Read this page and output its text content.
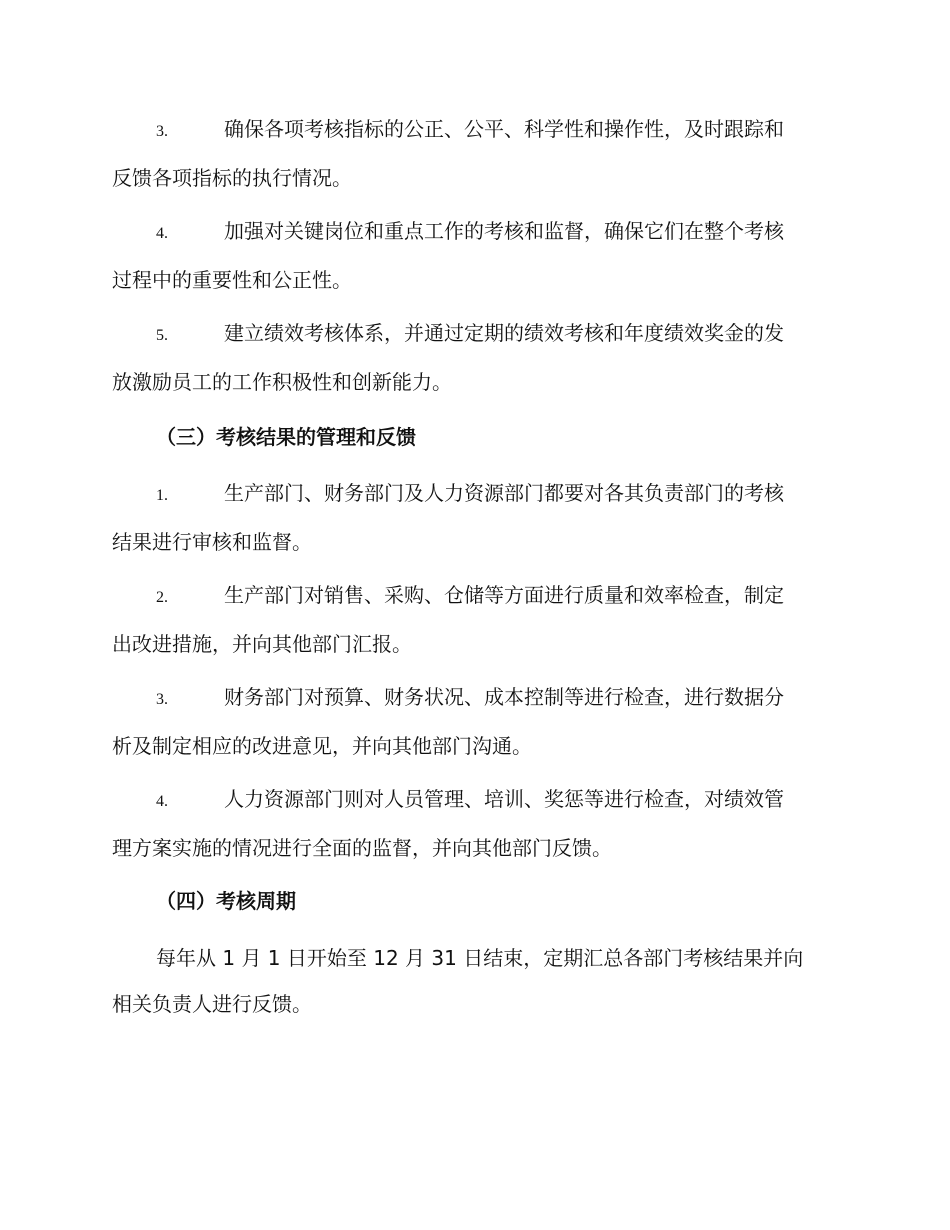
3.	确保各项考核指标的公正、公平、科学性和操作性，及时跟踪和
反馈各项指标的执行情况。
4.	加强对关键岗位和重点工作的考核和监督，确保它们在整个考核
过程中的重要性和公正性。
5.	建立绩效考核体系，并通过定期的绩效考核和年度绩效奖金的发
放激励员工的工作积极性和创新能力。
（三）考核结果的管理和反馈
1.	生产部门、财务部门及人力资源部门都要对各其负责部门的考核
结果进行审核和监督。
2.	生产部门对销售、采购、仓储等方面进行质量和效率检查，制定
出改进措施，并向其他部门汇报。
3.	财务部门对预算、财务状况、成本控制等进行检查，进行数据分
析及制定相应的改进意见，并向其他部门沟通。
4.	人力资源部门则对人员管理、培训、奖惩等进行检查，对绩效管
理方案实施的情况进行全面的监督，并向其他部门反馈。
（四）考核周期
每年从 1 月 1 日开始至 12 月 31 日结束，定期汇总各部门考核结果并向
相关负责人进行反馈。
